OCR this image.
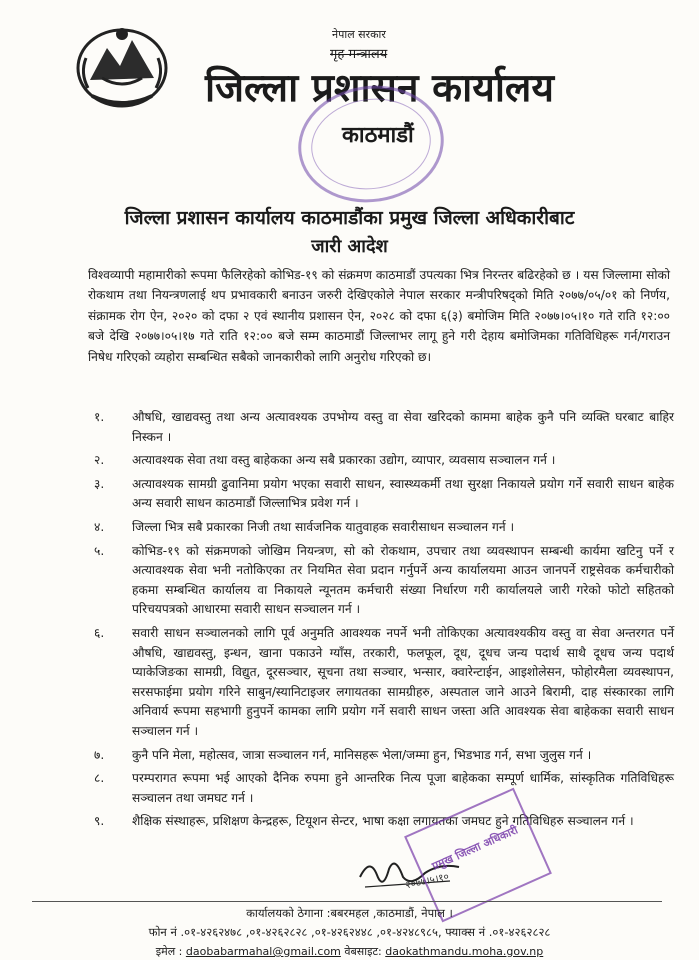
नेपाल सरकार
गृह मन्त्रालय
जिल्ला प्रशासन कार्यालय
काठमाडौं
जिल्ला प्रशासन कार्यालय काठमाडौंका प्रमुख जिल्ला अधिकारीबाट
जारी आदेश
विश्वव्यापी महामारीको रूपमा फैलिरहेको कोभिड-१९ को संक्रमण काठमाडौं उपत्यका भित्र निरन्तर बढिरहेको छ । यस जिल्लामा सोको रोकथाम तथा नियन्त्रणलाई थप प्रभावकारी बनाउन जरुरी देखिएकोले नेपाल सरकार मन्त्रीपरिषद्को मिति २०७७/०५/०१ को निर्णय, संक्रामक रोग ऐन, २०२० को दफा २ एवं स्थानीय प्रशासन ऐन, २०२८ को दफा ६(३) बमोजिम मिति २०७७।०५।१० गते राति १२:०० बजे देखि २०७७।०५।१७ गते राति १२:०० बजे सम्म काठमाडौं जिल्लाभर लागू हुने गरी देहाय बमोजिमका गतिविधिहरू गर्न/गराउन निषेध गरिएको व्यहोरा सम्बन्धित सबैको जानकारीको लागि अनुरोध गरिएको छ।
१.	औषधि, खाद्यवस्तु तथा अन्य अत्यावश्यक उपभोग्य वस्तु वा सेवा खरिदको काममा बाहेक कुनै पनि व्यक्ति घरबाट बाहिर निस्कन ।
२.	अत्यावश्यक सेवा तथा वस्तु बाहेकका अन्य सबै प्रकारका उद्योग, व्यापार, व्यवसाय सञ्चालन गर्न ।
३.	अत्यावश्यक सामग्री ढुवानिमा प्रयोग भएका सवारी साधन, स्वास्थ्यकर्मी तथा सुरक्षा निकायले प्रयोग गर्ने सवारी साधन बाहेक अन्य सवारी साधन काठमाडौं जिल्लाभित्र प्रवेश गर्न ।
४.	जिल्ला भित्र सबै प्रकारका निजी तथा सार्वजनिक यातुवाहक सवारीसाधन सञ्चालन गर्न ।
५.	कोभिड-१९ को संक्रमणको जोखिम नियन्त्रण, सो को रोकथाम, उपचार तथा व्यवस्थापन सम्बन्धी कार्यमा खटिनु पर्ने र अत्यावश्यक सेवा भनी नतोकिएका तर नियमित सेवा प्रदान गर्नुपर्ने अन्य कार्यालयमा आउन जानपर्ने राष्ट्रसेवक कर्मचारीको हकमा सम्बन्धित कार्यालय वा निकायले न्यूनतम कर्मचारी संख्या निर्धारण गरी कार्यालयले जारी गरेको फोटो सहितको परिचयपत्रको आधारमा सवारी साधन सञ्चालन गर्न ।
६.	सवारी साधन सञ्चालनको लागि पूर्व अनुमति आवश्यक नपर्ने भनी तोकिएका अत्यावश्यकीय वस्तु वा सेवा अन्तरगत पर्ने औषधि, खाद्यवस्तु, इन्धन, खाना पकाउने ग्याँस, तरकारी, फलफूल, दूध, दूधच जन्य पदार्थ साथै दूधच जन्य पदार्थ प्याकेजिङका सामग्री, विद्युत, दूरसञ्चार, सूचना तथा सञ्चार, भन्सार, क्वारेन्टाईन, आइशोलेसन, फोहोरमैला व्यवस्थापन, सरसफाईमा प्रयोग गरिने साबुन/स्यानिटाइजर लगायतका सामग्रीहरु, अस्पताल जाने आउने बिरामी, दाह संस्कारका लागि अनिवार्य रूपमा सहभागी हुनुपर्ने कामका लागि प्रयोग गर्ने सवारी साधन जस्ता अति आवश्यक सेवा बाहेकका सवारी साधन सञ्चालन गर्न ।
७.	कुनै पनि मेला, महोत्सव, जात्रा सञ्चालन गर्न, मानिसहरू भेला/जम्मा हुन, भिडभाड गर्न, सभा जुलुस गर्न ।
८.	परम्परागत रूपमा भई आएको दैनिक रुपमा हुने आन्तरिक नित्य पूजा बाहेकका सम्पूर्ण धार्मिक, सांस्कृतिक गतिविधिहरू सञ्चालन तथा जमघट गर्न ।
९.	शैक्षिक संस्थाहरू, प्रशिक्षण केन्द्रहरू, टियूशन सेन्टर, भाषा कक्षा लगायतका जमघट हुने गतिविधिहरु सञ्चालन गर्न ।
२०७७।५।१०
प्रमुख जिल्ला अधिकारी
कार्यालयको ठेगाना :बबरमहल ,काठमाडौं, नेपाल ।
फोन नं .०१-४२६२४७८ ,०१-४२६२८२८ ,०१-४२६२४४८ ,०१-४२४८९८५, फ्याक्स नं .०१-४२६२८२८
इमेल : daobabarmahal@gmail.com वेबसाइट: daokathmandu.moha.gov.np
